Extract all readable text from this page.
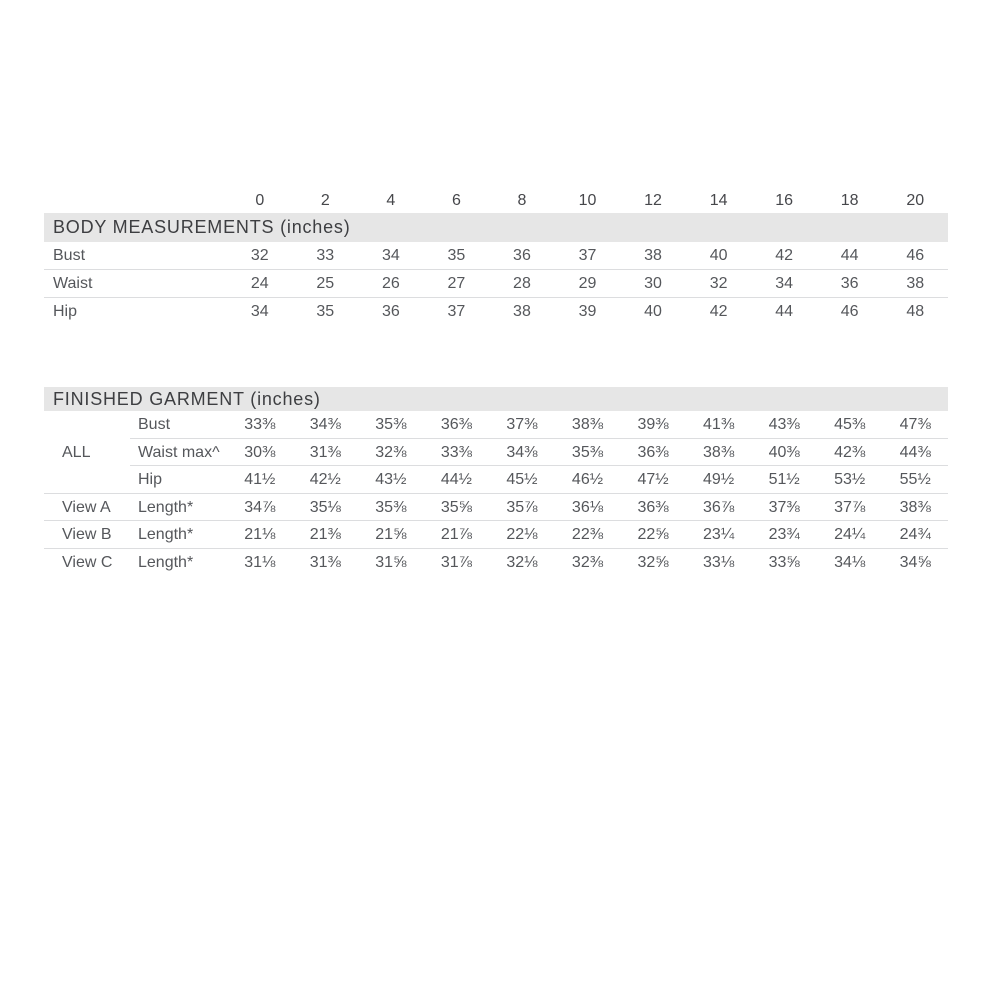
0	2	4	6	8	10	12	14	16	18	20
BODY MEASUREMENTS (inches)
Bust	32	33	34	35	36	37	38	40	42	44	46
Waist	24	25	26	27	28	29	30	32	34	36	38
Hip	34	35	36	37	38	39	40	42	44	46	48
FINISHED GARMENT (inches)
Bust	33⅜	34⅜	35⅜	36⅜	37⅜	38⅜	39⅜	41⅜	43⅜	45⅜	47⅜
ALL	Waist max^	30⅜	31⅜	32⅜	33⅜	34⅜	35⅜	36⅜	38⅜	40⅜	42⅜	44⅜
Hip	41½	42½	43½	44½	45½	46½	47½	49½	51½	53½	55½
View A	Length*	34⅞	35⅛	35⅜	35⅝	35⅞	36⅛	36⅜	36⅞	37⅜	37⅞	38⅜
View B	Length*	21⅛	21⅜	21⅝	21⅞	22⅛	22⅜	22⅝	23¼	23¾	24¼	24¾
View C	Length*	31⅛	31⅜	31⅝	31⅞	32⅛	32⅜	32⅝	33⅛	33⅝	34⅛	34⅝
